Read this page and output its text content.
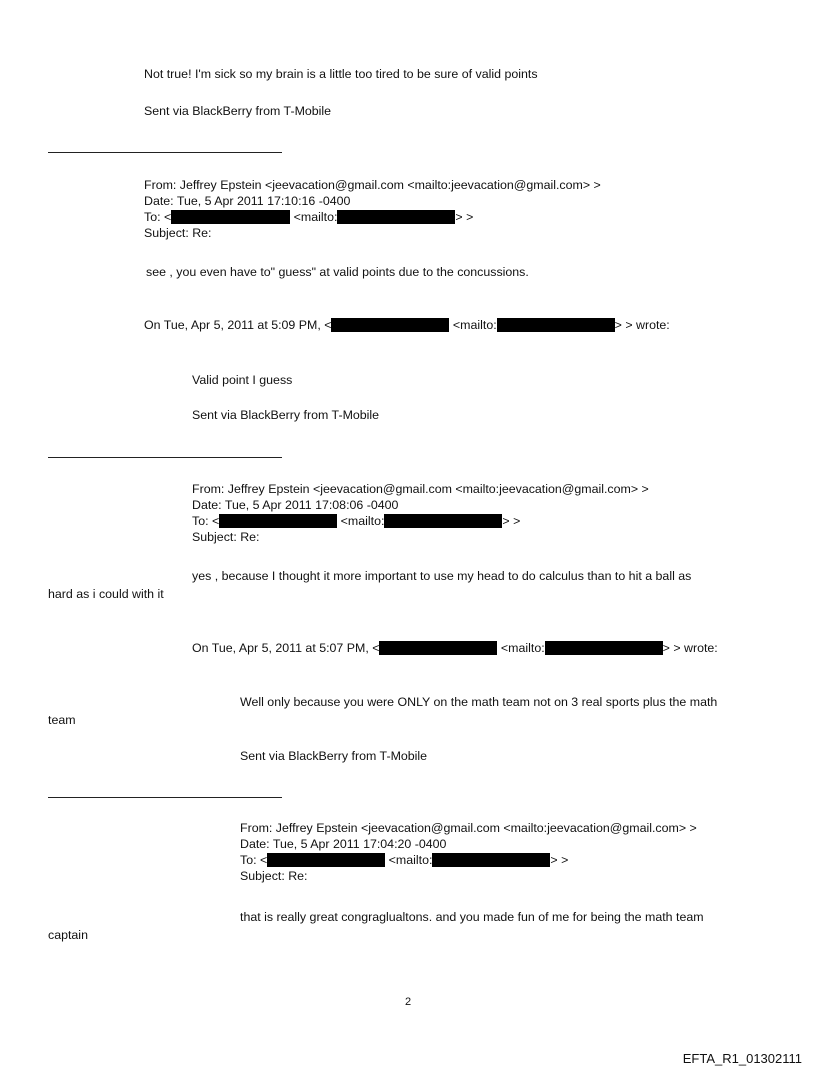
Not true! I'm sick so my brain is a little too tired to be sure of valid points
Sent via BlackBerry from T-Mobile
From: Jeffrey Epstein <jeevacation@gmail.com <mailto:jeevacation@gmail.com> >
Date: Tue, 5 Apr 2011 17:10:16 -0400
To: <	<mailto:	> >
Subject: Re:
see , you even have to" guess" at valid points due to the concussions.
On Tue, Apr 5, 2011 at 5:09 PM, <	<mailto:	> > wrote:
Valid point I guess
Sent via BlackBerry from T-Mobile
From: Jeffrey Epstein <jeevacation@gmail.com <mailto:jeevacation@gmail.com> >
Date: Tue, 5 Apr 2011 17:08:06 -0400
To: <	<mailto:	> >
Subject: Re:
yes , because I thought it more important to use my head to do calculus than to hit a ball as
hard as i could with it
On Tue, Apr 5, 2011 at 5:07 PM, <	<mailto:	> > wrote:
Well only because you were ONLY on the math team not on 3 real sports plus the math
team
Sent via BlackBerry from T-Mobile
From: Jeffrey Epstein <jeevacation@gmail.com <mailto:jeevacation@gmail.com> >
Date: Tue, 5 Apr 2011 17:04:20 -0400
To: <	<mailto:	> >
Subject: Re:
that is really great congraglualtons. and you made fun of me for being the math team
captain
2
EFTA_R1_01302111
